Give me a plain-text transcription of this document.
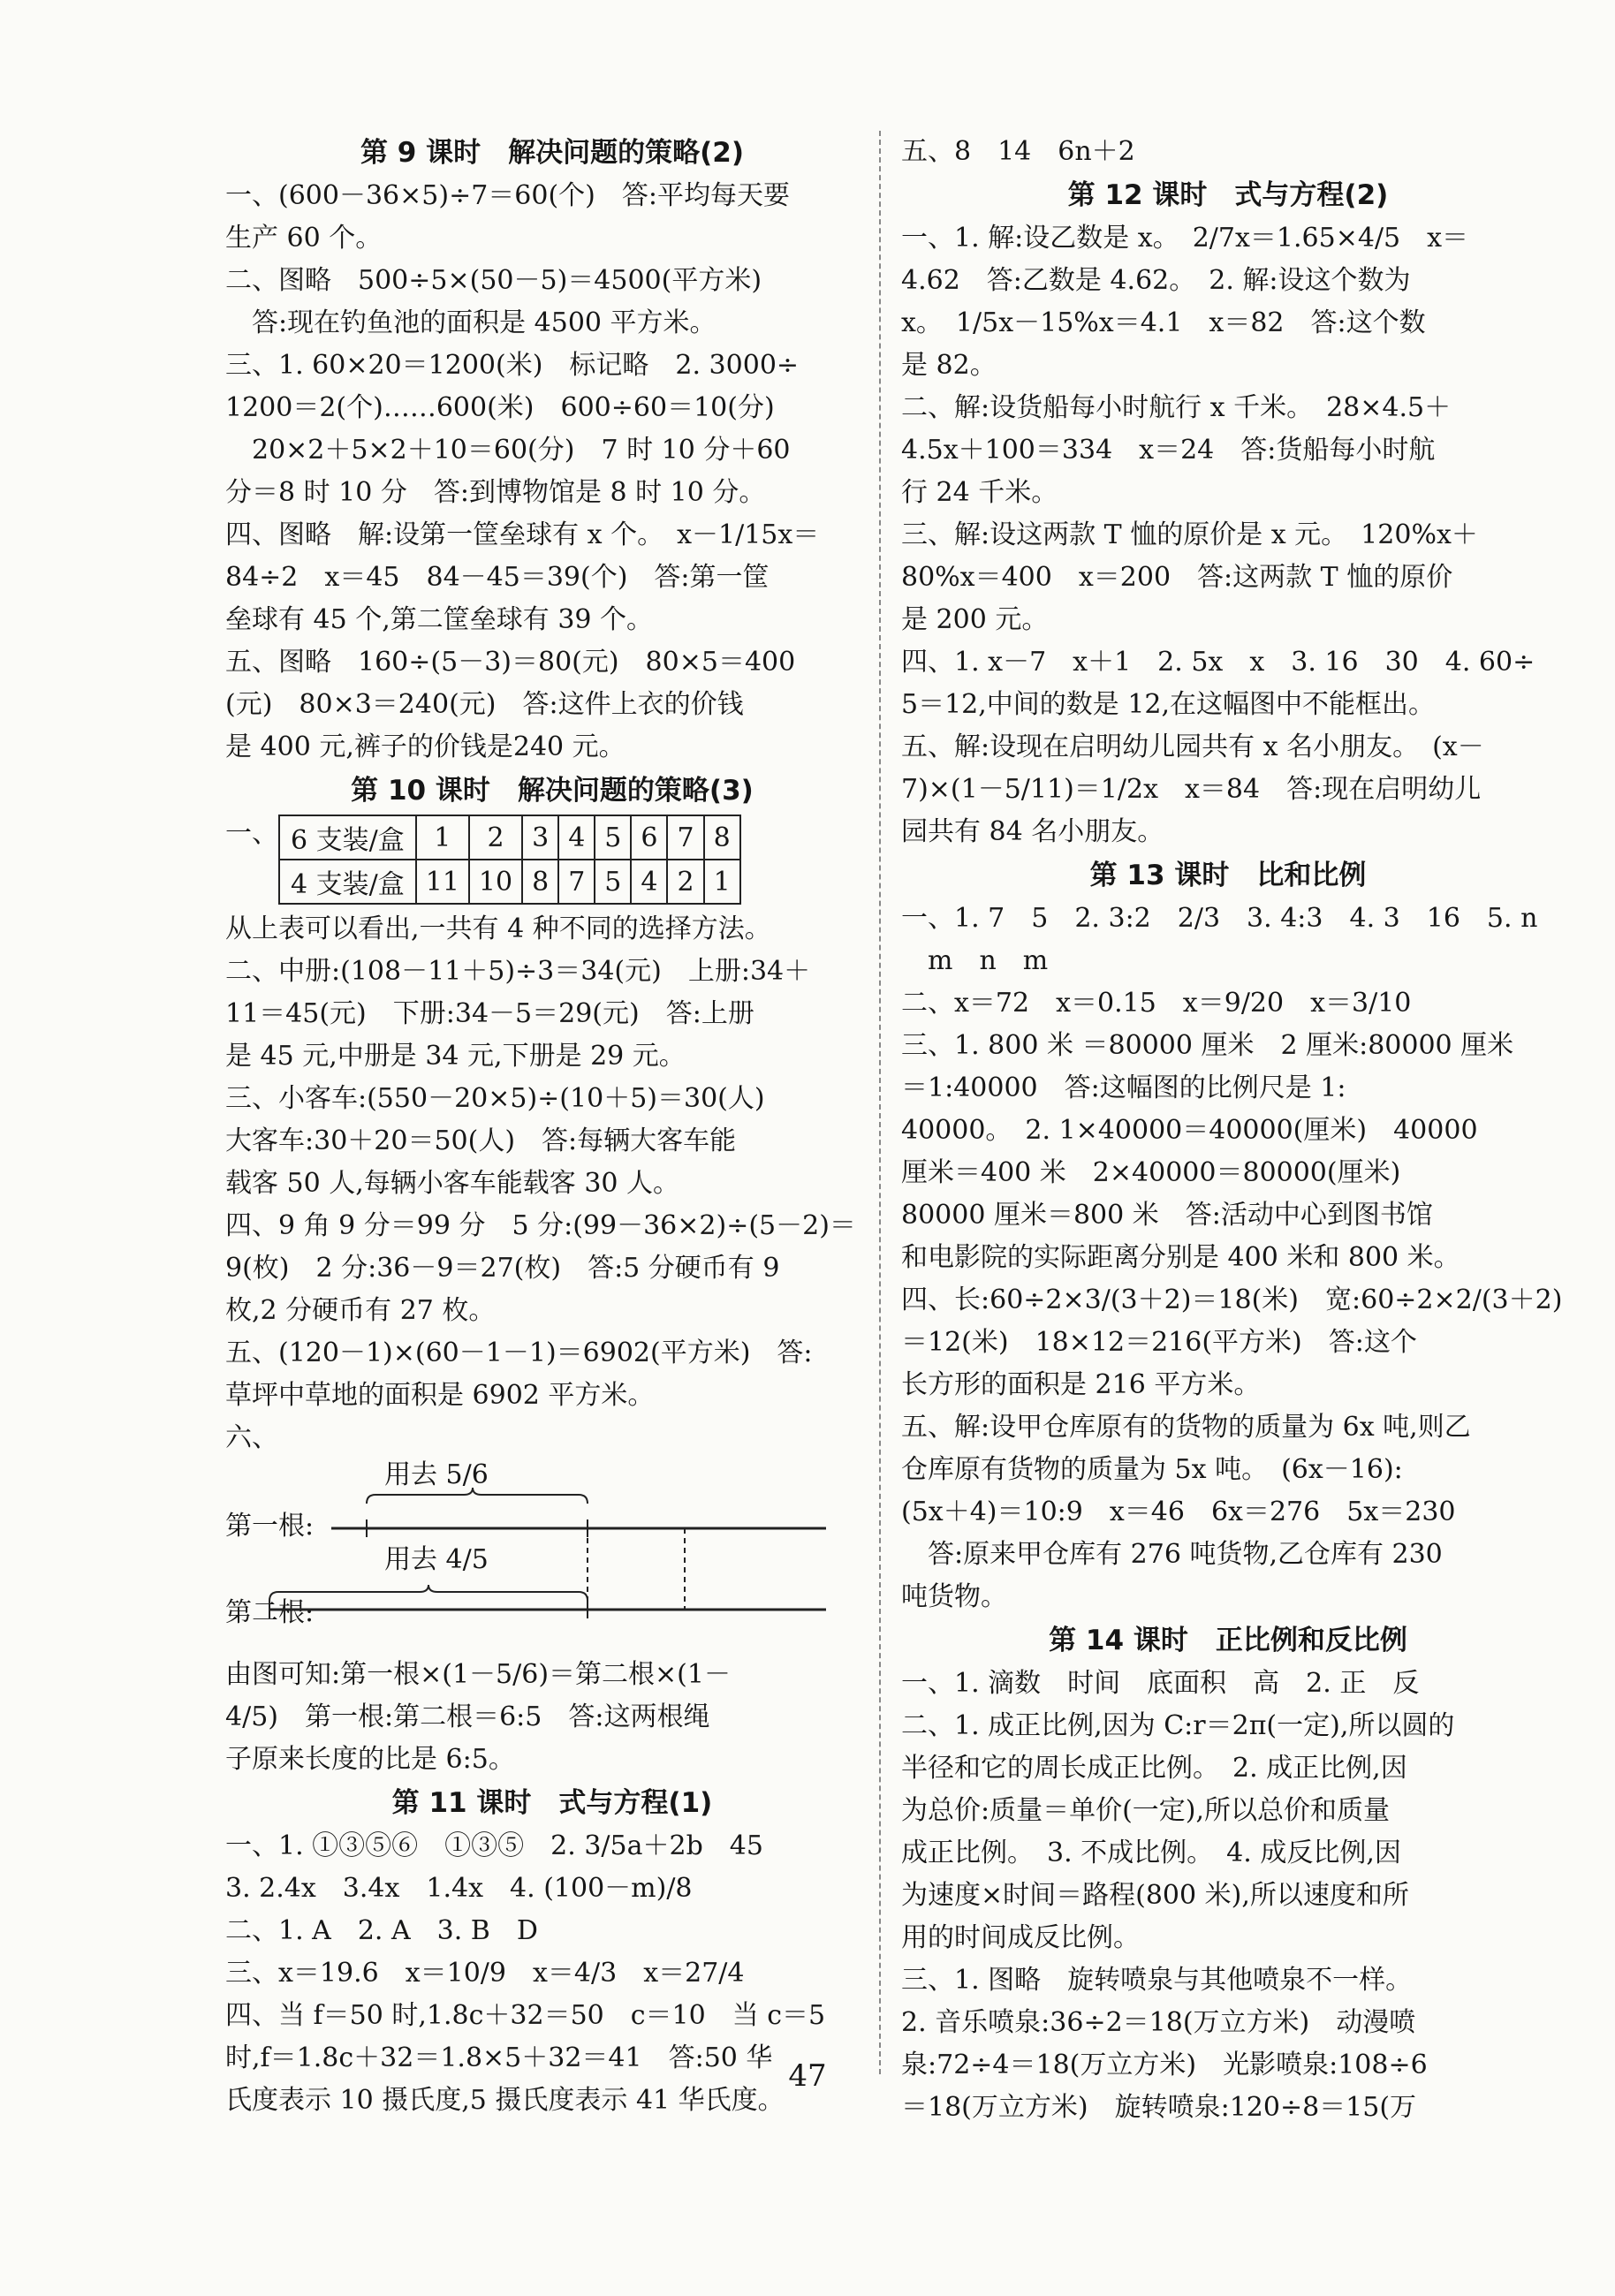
第 9 课时　解决问题的策略(2)
一、(600－36×5)÷7＝60(个)　答:平均每天要
生产 60 个。
二、图略　500÷5×(50－5)＝4500(平方米)
　答:现在钓鱼池的面积是 4500 平方米。
三、1. 60×20＝1200(米)　标记略　2. 3000÷
1200＝2(个)……600(米)　600÷60＝10(分)
　20×2＋5×2＋10＝60(分)　7 时 10 分＋60
分＝8 时 10 分　答:到博物馆是 8 时 10 分。
四、图略　解:设第一筐垒球有 x 个。　x－1/15x＝
84÷2　x＝45　84－45＝39(个)　答:第一筐
垒球有 45 个,第二筐垒球有 39 个。
五、图略　160÷(5－3)＝80(元)　80×5＝400
(元)　80×3＝240(元)　答:这件上衣的价钱
是 400 元,裤子的价钱是240 元。
第 10 课时　解决问题的策略(3)
一、 6 支装/盒	1	2	3	4	5	6	7	8
4 支装/盒	11	10	8	7	5	4	2	1
从上表可以看出,一共有 4 种不同的选择方法。
二、中册:(108－11＋5)÷3＝34(元)　上册:34＋
11＝45(元)　下册:34－5＝29(元)　答:上册
是 45 元,中册是 34 元,下册是 29 元。
三、小客车:(550－20×5)÷(10＋5)＝30(人)
大客车:30＋20＝50(人)　答:每辆大客车能
载客 50 人,每辆小客车能载客 30 人。
四、9 角 9 分＝99 分　5 分:(99－36×2)÷(5－2)＝
9(枚)　2 分:36－9＝27(枚)　答:5 分硬币有 9
枚,2 分硬币有 27 枚。
五、(120－1)×(60－1－1)＝6902(平方米)　答:
草坪中草地的面积是 6902 平方米。
六、
用去 5/6
第一根:
用去 4/5
第二根:
由图可知:第一根×(1－5/6)＝第二根×(1－
4/5)　第一根:第二根＝6:5　答:这两根绳
子原来长度的比是 6:5。
第 11 课时　式与方程(1)
一、1. ①③⑤⑥　①③⑤　2. 3/5a＋2b　45
3. 2.4x　3.4x　1.4x　4. (100－m)/8
二、1. A　2. A　3. B　D
三、x＝19.6　x＝10/9　x＝4/3　x＝27/4
四、当 f＝50 时,1.8c＋32＝50　c＝10　当 c＝5
时,f＝1.8c＋32＝1.8×5＋32＝41　答:50 华
氏度表示 10 摄氏度,5 摄氏度表示 41 华氏度。
五、8　14　6n＋2
第 12 课时　式与方程(2)
一、1. 解:设乙数是 x。　2/7x＝1.65×4/5　x＝
4.62　答:乙数是 4.62。　2. 解:设这个数为
x。　1/5x－15%x＝4.1　x＝82　答:这个数
是 82。
二、解:设货船每小时航行 x 千米。　28×4.5＋
4.5x＋100＝334　x＝24　答:货船每小时航
行 24 千米。
三、解:设这两款 T 恤的原价是 x 元。　120%x＋
80%x＝400　x＝200　答:这两款 T 恤的原价
是 200 元。
四、1. x－7　x＋1　2. 5x　x　3. 16　30　4. 60÷
5＝12,中间的数是 12,在这幅图中不能框出。
五、解:设现在启明幼儿园共有 x 名小朋友。　(x－
7)×(1－5/11)＝1/2x　x＝84　答:现在启明幼儿
园共有 84 名小朋友。
第 13 课时　比和比例
一、1. 7　5　2. 3:2　2/3　3. 4:3　4. 3　16　5. n
　m　n　m
二、x＝72　x＝0.15　x＝9/20　x＝3/10
三、1. 800 米 ＝80000 厘米　2 厘米:80000 厘米
＝1:40000　答:这幅图的比例尺是 1:
40000。　2. 1×40000＝40000(厘米)　40000
厘米＝400 米　2×40000＝80000(厘米)
80000 厘米＝800 米　答:活动中心到图书馆
和电影院的实际距离分别是 400 米和 800 米。
四、长:60÷2×3/(3＋2)＝18(米)　宽:60÷2×2/(3＋2)
＝12(米)　18×12＝216(平方米)　答:这个
长方形的面积是 216 平方米。
五、解:设甲仓库原有的货物的质量为 6x 吨,则乙
仓库原有货物的质量为 5x 吨。　(6x－16):
(5x＋4)＝10:9　x＝46　6x＝276　5x＝230
　答:原来甲仓库有 276 吨货物,乙仓库有 230
吨货物。
第 14 课时　正比例和反比例
一、1. 滴数　时间　底面积　高　2. 正　反
二、1. 成正比例,因为 C:r＝2π(一定),所以圆的
半径和它的周长成正比例。　2. 成正比例,因
为总价:质量＝单价(一定),所以总价和质量
成正比例。　3. 不成比例。　4. 成反比例,因
为速度×时间＝路程(800 米),所以速度和所
用的时间成反比例。
三、1. 图略　旋转喷泉与其他喷泉不一样。
2. 音乐喷泉:36÷2＝18(万立方米)　动漫喷
泉:72÷4＝18(万立方米)　光影喷泉:108÷6
＝18(万立方米)　旋转喷泉:120÷8＝15(万
47
